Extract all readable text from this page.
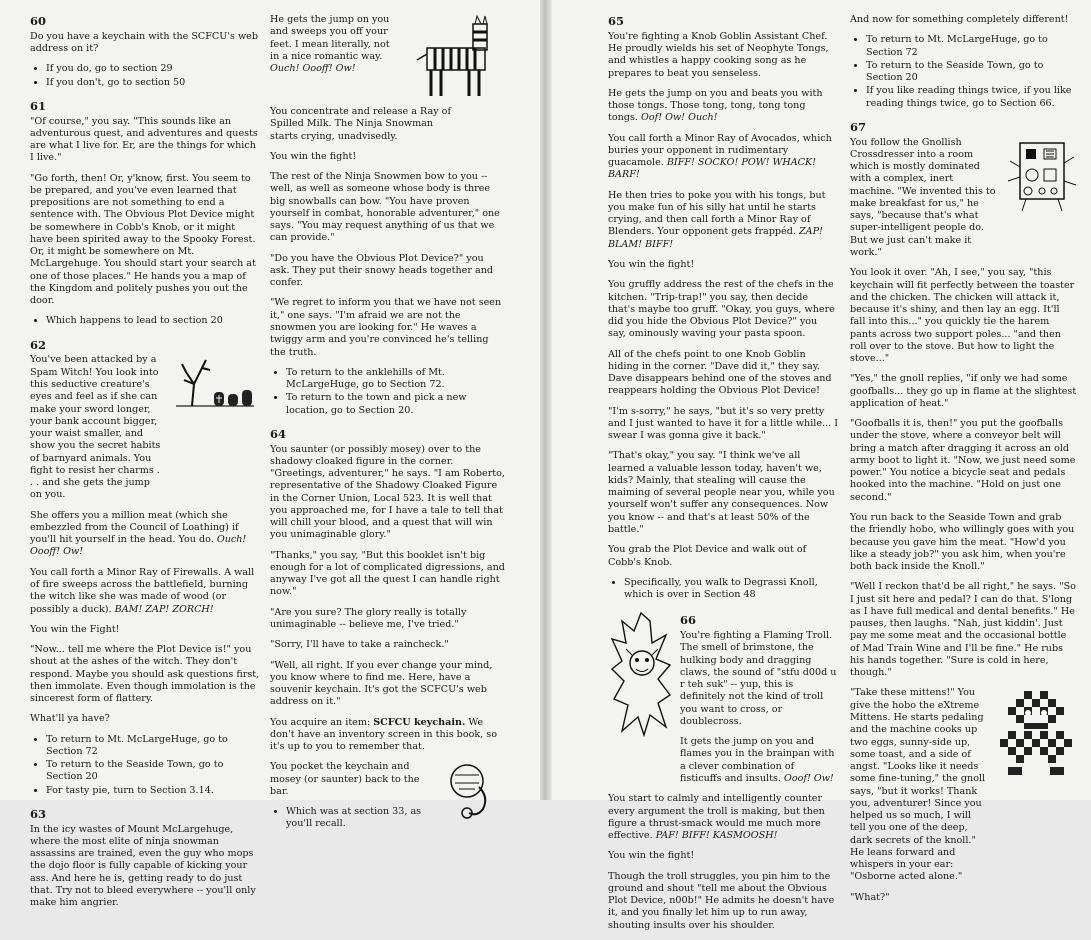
60

Do you have a keychain with the SCFCU's web address on it?

• If you do, go to section 29
• If you don't, go to section 50
61

"Of course," you say. "This sounds like an adventurous quest, and adventures and quests are what I live for. Er, are the things for which I live."

"Go forth, then! Or, y'know, first. You seem to be prepared, and you've even learned that prepositions are not something to end a sentence with. The Obvious Plot Device might be somewhere in Cobb's Knob, or it might have been spirited away to the Spooky Forest. Or, it might be somewhere on Mt. McLargehuge. You should start your search at one of those places." He hands you a map of the Kingdom and politely pushes you out the door.

• Which happens to lead to section 20
62

You've been attacked by a Spam Witch! You look into this seductive creature's eyes and feel as if she can make your sword longer, your bank account bigger, your waist smaller, and show you the secret habits of barnyard animals. You fight to resist her charms . . . and she gets the jump on you.

She offers you a million meat (which she embezzled from the Council of Loathing) if you'll hit yourself in the head. You do. Ouch! Oooff! Ow!

You call forth a Minor Ray of Firewalls. A wall of fire sweeps across the battlefield, burning the witch like she was made of wood (or possibly a duck). BAM! ZAP! ZORCH!

You win the Fight!

"Now... tell me where the Plot Device is!" you shout at the ashes of the witch. They don't respond. Maybe you should ask questions first, then immolate. Even though immolation is the sincerest form of flattery.

What'll ya have?

• To return to Mt. McLargeHuge, go to Section 72
• To return to the Seaside Town, go to Section 20
• For tasty pie, turn to Section 3.14.
63

In the icy wastes of Mount McLargehuge, where the most elite of ninja snowman assassins are trained, even the guy who mops the dojo floor is fully capable of kicking your ass. And here he is, getting ready to do just that. Try not to bleed everywhere -- you'll only make him angrier.

He gets the jump on you and sweeps you off your feet. I mean literally, not in a nice romantic way. Ouch! Oooff! Ow!

You concentrate and release a Ray of Spilled Milk. The Ninja Snowman starts crying, unadvisedly.

You win the fight!

The rest of the Ninja Snowmen bow to you -- well, as well as someone whose body is three big snowballs can bow. "You have proven yourself in combat, honorable adventurer," one says. "You may request anything of us that we can provide."

"Do you have the Obvious Plot Device?" you ask. They put their snowy heads together and confer.

"We regret to inform you that we have not seen it," one says. "I'm afraid we are not the snowmen you are looking for." He waves a twiggy arm and you're convinced he's telling the truth.

• To return to the anklehills of Mt. McLargeHuge, go to Section 72.
• To return to the town and pick a new location, go to Section 20.
64

You saunter (or possibly mosey) over to the shadowy cloaked figure in the corner. "Greetings, adventurer," he says. "I am Roberto, representative of the Shadowy Cloaked Figure in the Corner Union, Local 523. It is well that you approached me, for I have a tale to tell that will chill your blood, and a quest that will win you unimaginable glory."

"Thanks," you say, "But this booklet isn't big enough for a lot of complicated digressions, and anyway I've got all the quest I can handle right now."

"Are you sure? The glory really is totally unimaginable -- believe me, I've tried."

"Sorry, I'll have to take a raincheck."

"Well, all right. If you ever change your mind, you know where to find me. Here, have a souvenir keychain. It's got the SCFCU's web address on it."

You acquire an item: SCFCU keychain. We don't have an inventory screen in this book, so it's up to you to remember that.

You pocket the keychain and mosey (or saunter) back to the bar.

• Which was at section 33, as you'll recall.
65

You're fighting a Knob Goblin Assistant Chef. He proudly wields his set of Neophyte Tongs, and whistles a happy cooking song as he prepares to beat you senseless.

He gets the jump on you and beats you with those tongs. Those tong, tong, tong tong tongs. Oof! Ow! Ouch!

You call forth a Minor Ray of Avocados, which buries your opponent in rudimentary guacamole. BIFF! SOCKO! POW! WHACK! BARF!

He then tries to poke you with his tongs, but you make fun of his silly hat until he starts crying, and then call forth a Minor Ray of Blenders. Your opponent gets frappéd. ZAP! BLAM! BIFF!

You win the fight!

You gruffly address the rest of the chefs in the kitchen. "Trip-trap!" you say, then decide that's maybe too gruff. "Okay, you guys, where did you hide the Obvious Plot Device?" you say, ominously waving your pasta spoon.

All of the chefs point to one Knob Goblin hiding in the corner. "Dave did it," they say. Dave disappears behind one of the stoves and reappears holding the Obvious Plot Device!

"I'm s-sorry," he says, "but it's so very pretty and I just wanted to have it for a little while... I swear I was gonna give it back."

"That's okay," you say. "I think we've all learned a valuable lesson today, haven't we, kids? Mainly, that stealing will cause the maiming of several people near you, while you yourself won't suffer any consequences. Now you know -- and that's at least 50% of the battle."

You grab the Plot Device and walk out of Cobb's Knob.

• Specifically, you walk to Degrassi Knoll, which is over in Section 48
66

You're fighting a Flaming Troll. The smell of brimstone, the hulking body and dragging claws, the sound of "stfu d00d u r teh suk" -- yup, this is definitely not the kind of troll you want to cross, or doublecross.

It gets the jump on you and flames you in the brainpan with a clever combination of fisticuffs and insults. Ooof! Ow!

You start to calmly and intelligently counter every argument the troll is making, but then figure a thrust-smack would me much more effective. PAF! BIFF! KASMOOSH!

You win the fight!

Though the troll struggles, you pin him to the ground and shout "tell me about the Obvious Plot Device, n00b!" He admits he doesn't have it, and you finally let him up to run away, shouting insults over his shoulder.

And now for something completely different!

• To return to Mt. McLargeHuge, go to Section 72
• To return to the Seaside Town, go to Section 20
• If you like reading things twice, if you like reading things twice, go to Section 66.
67

You follow the Gnollish Crossdresser into a room which is mostly dominated with a complex, inert machine. "We invented this to make breakfast for us," he says, "because that's what super-intelligent people do. But we just can't make it work."

You look it over. "Ah, I see," you say, "this keychain will fit perfectly between the toaster and the chicken. The chicken will attack it, because it's shiny, and then lay an egg. It'll fall into this..." you quickly tie the harem pants across two support poles... "and then roll over to the stove. But how to light the stove..."

"Yes," the gnoll replies, "if only we had some goofballs... they go up in flame at the slightest application of heat."

"Goofballs it is, then!" you put the goofballs under the stove, where a conveyor belt will bring a match after dragging it across an old army boot to light it. "Now, we just need some power." You notice a bicycle seat and pedals hooked into the machine. "Hold on just one second."

You run back to the Seaside Town and grab the friendly hobo, who willingly goes with you because you gave him the meat. "How'd you like a steady job?" you ask him, when you're both back inside the Knoll."

"Well I reckon that'd be all right," he says. "So I just sit here and pedal? I can do that. S'long as I have full medical and dental benefits." He pauses, then laughs. "Nah, just kiddin'. Just pay me some meat and the occasional bottle of Mad Train Wine and I'll be fine." He rubs his hands together. "Sure is cold in here, though."

"Take these mittens!" You give the hobo the eXtreme Mittens. He starts pedaling and the machine cooks up two eggs, sunny-side up, some toast, and a side of angst. "Looks like it needs some fine-tuning," the gnoll says, "but it works! Thank you, adventurer! Since you helped us so much, I will tell you one of the deep, dark secrets of the knoll." He leans forward and whispers in your ear: "Osborne acted alone."

"What?"
